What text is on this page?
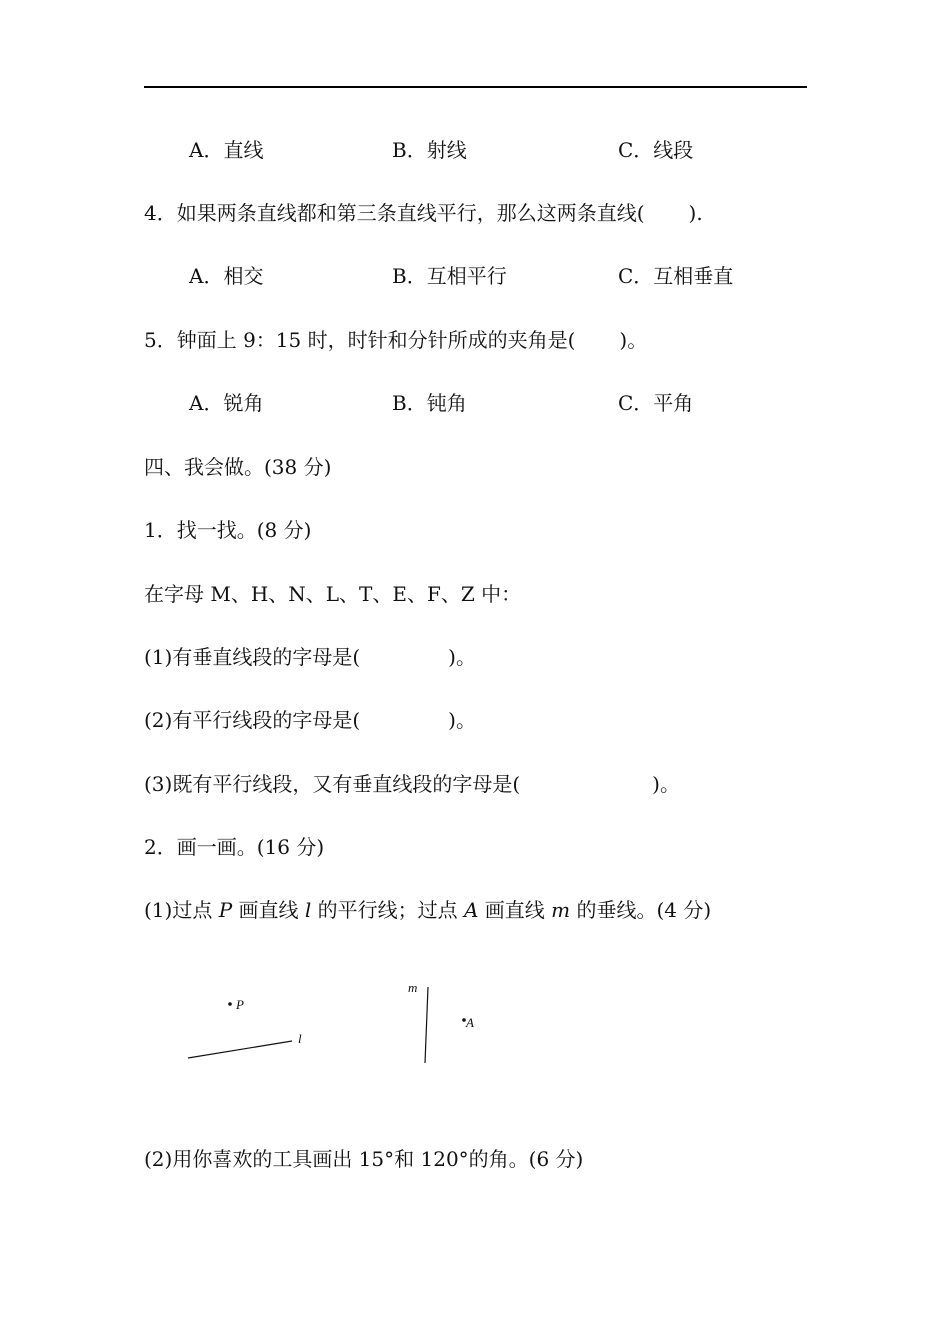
A．直线	B．射线	C．线段
4．如果两条直线都和第三条直线平行，那么这两条直线( ).
A．相交	B．互相平行	C．互相垂直
5．钟面上 9：15 时，时针和分针所成的夹角是( )。
A．锐角	B．钝角	C．平角
四、我会做。(38 分)
1．找一找。(8 分)
在字母 M、H、N、L、T、E、F、Z 中：
(1)有垂直线段的字母是(	)。
(2)有平行线段的字母是(	)。
(3)既有平行线段，又有垂直线段的字母是(	)。
2．画一画。(16 分)
(1)过点 P 画直线 l 的平行线；过点 A 画直线 m 的垂线。(4 分)
P
l
m
A
(2)用你喜欢的工具画出 15°和 120°的角。(6 分)
